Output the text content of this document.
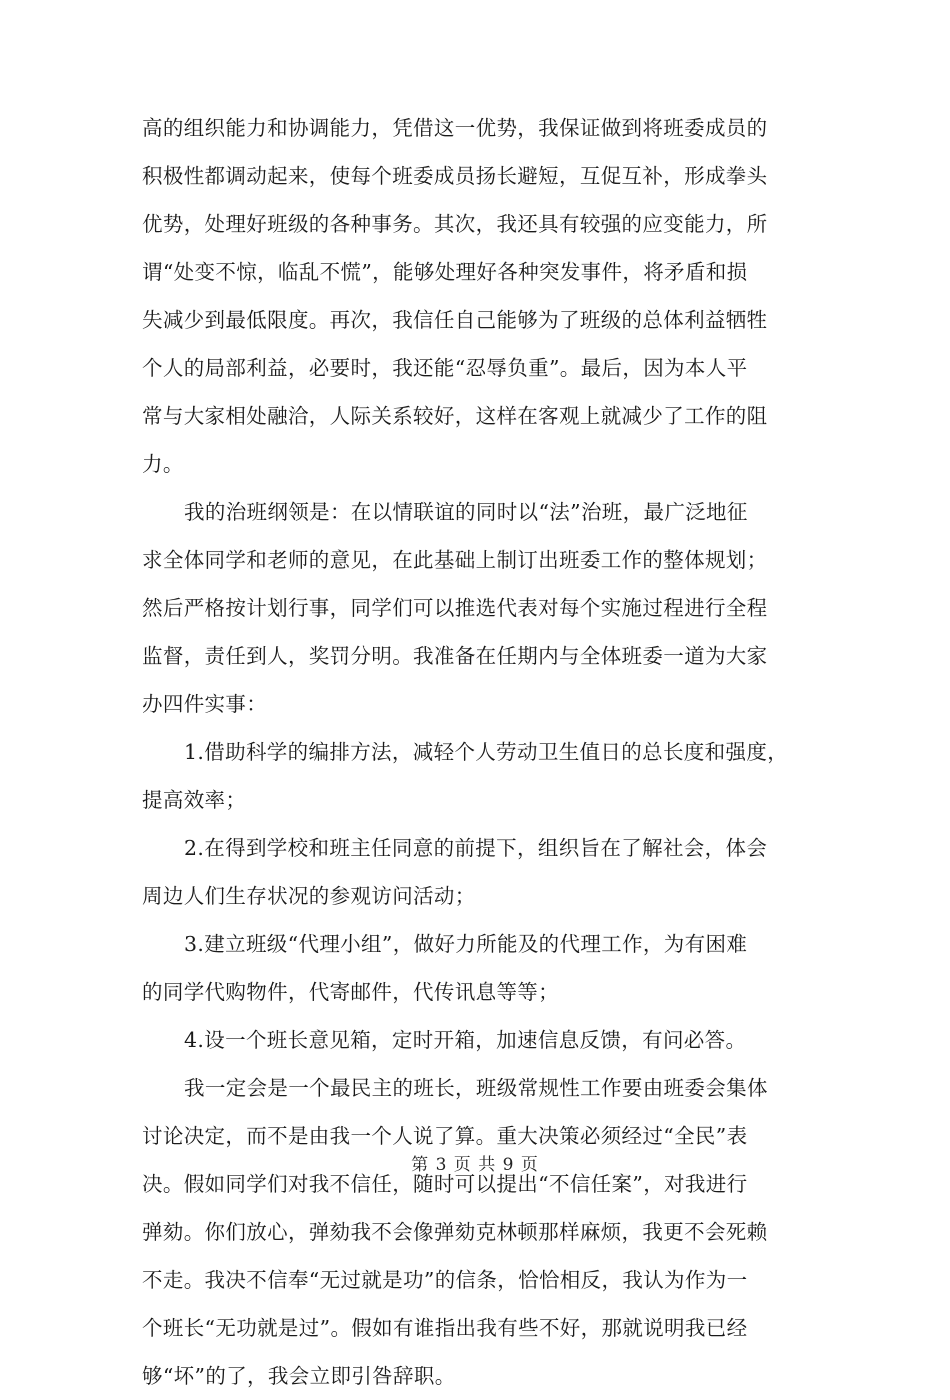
高的组织能力和协调能力，凭借这一优势，我保证做到将班委成员的
积极性都调动起来，使每个班委成员扬长避短，互促互补，形成拳头
优势，处理好班级的各种事务。其次，我还具有较强的应变能力，所
谓“处变不惊，临乱不慌”，能够处理好各种突发事件，将矛盾和损
失减少到最低限度。再次，我信任自己能够为了班级的总体利益牺牲
个人的局部利益，必要时，我还能“忍辱负重”。最后，因为本人平
常与大家相处融洽，人际关系较好，这样在客观上就减少了工作的阻
力。
我的治班纲领是：在以情联谊的同时以“法”治班，最广泛地征
求全体同学和老师的意见，在此基础上制订出班委工作的整体规划；
然后严格按计划行事，同学们可以推选代表对每个实施过程进行全程
监督，责任到人，奖罚分明。我准备在任期内与全体班委一道为大家
办四件实事：
1.借助科学的编排方法，减轻个人劳动卫生值日的总长度和强度，
提高效率；
2.在得到学校和班主任同意的前提下，组织旨在了解社会，体会
周边人们生存状况的参观访问活动；
3.建立班级“代理小组”，做好力所能及的代理工作，为有困难
的同学代购物件，代寄邮件，代传讯息等等；
4.设一个班长意见箱，定时开箱，加速信息反馈，有问必答。
我一定会是一个最民主的班长，班级常规性工作要由班委会集体
讨论决定，而不是由我一个人说了算。重大决策必须经过“全民”表
决。假如同学们对我不信任，随时可以提出“不信任案”，对我进行
弹劾。你们放心，弹劾我不会像弹劾克林顿那样麻烦，我更不会死赖
不走。我决不信奉“无过就是功”的信条，恰恰相反，我认为作为一
个班长“无功就是过”。假如有谁指出我有些不好，那就说明我已经
够“坏”的了，我会立即引咎辞职。
第 3 页 共 9 页
